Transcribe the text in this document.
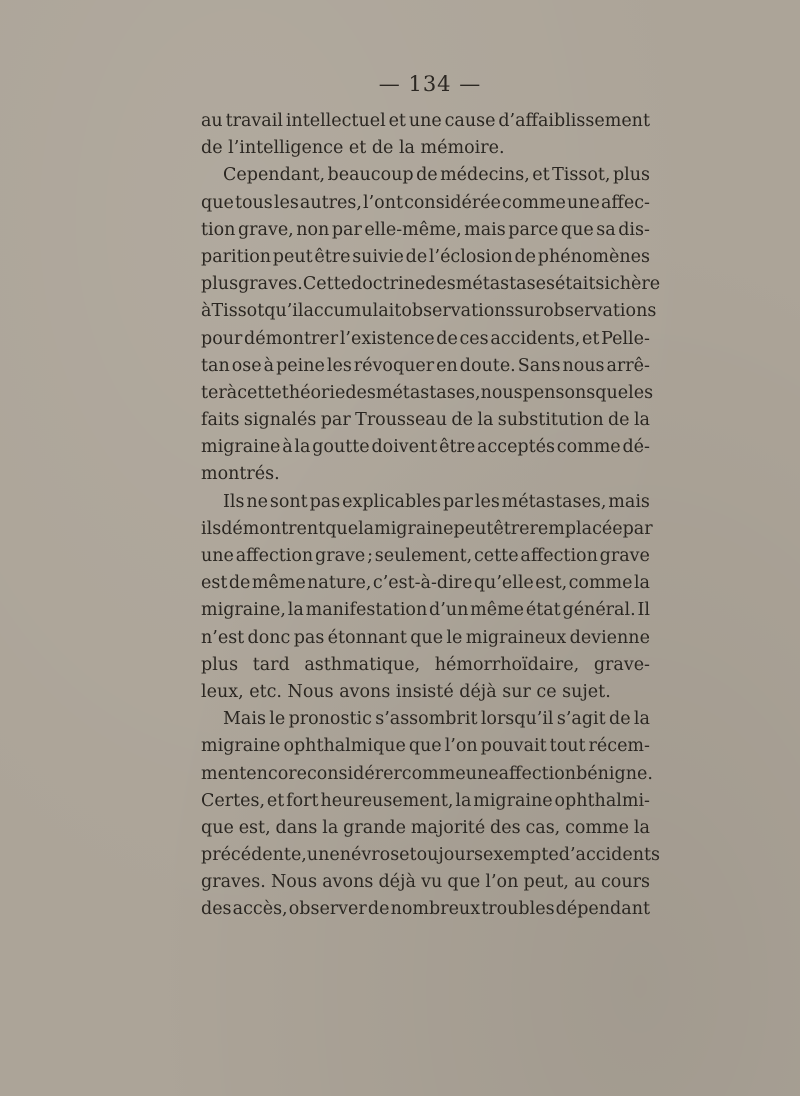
— 134 —
au travail intellectuel et une cause d’affaiblissement
de l’intelligence et de la mémoire.
Cependant, beaucoup de médecins, et Tissot, plus
que tous les autres, l’ont considérée comme une affec-
tion grave, non par elle-même, mais parce que sa dis-
parition peut être suivie de l’éclosion de phénomènes
plus graves. Cette doctrine des métastases était si chère
à Tissot qu’il accumulait observations sur observations
pour démontrer l’existence de ces accidents, et Pelle-
tan ose à peine les révoquer en doute. Sans nous arrê-
ter à cette théorie des métastases, nous pensons que les
faits signalés par Trousseau de la substitution de la
migraine à la goutte doivent être acceptés comme dé-
montrés.
Ils ne sont pas explicables par les métastases, mais
ils démontrent que la migraine peut être remplacée par
une affection grave ; seulement, cette affection grave
est de même nature, c’est-à-dire qu’elle est, comme la
migraine, la manifestation d’un même état général. Il
n’est donc pas étonnant que le migraineux devienne
plus tard asthmatique, hémorrhoïdaire, grave-
leux, etc. Nous avons insisté déjà sur ce sujet.
Mais le pronostic s’assombrit lorsqu’il s’agit de la
migraine ophthalmique que l’on pouvait tout récem-
ment encore considérer comme une affection bénigne.
Certes, et fort heureusement, la migraine ophthalmi-
que est, dans la grande majorité des cas, comme la
précédente, une névrose toujours exempte d’accidents
graves. Nous avons déjà vu que l’on peut, au cours
des accès, observer de nombreux troubles dépendant
